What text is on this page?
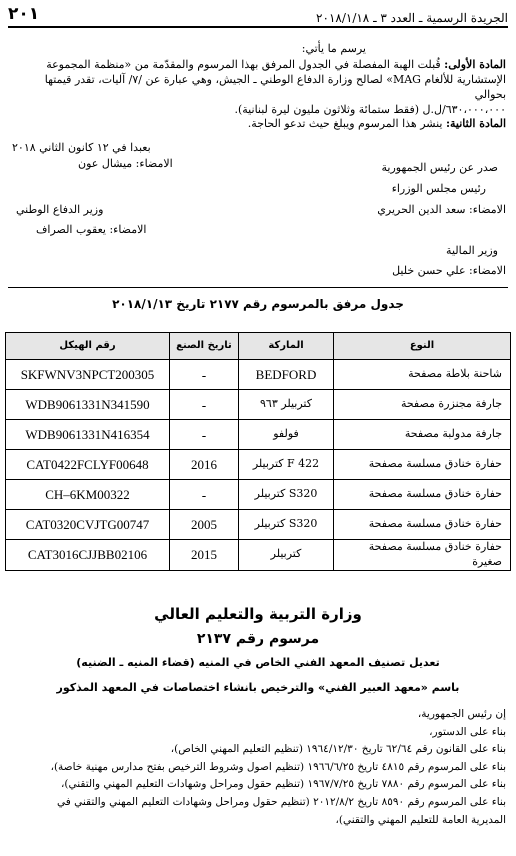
الجريدة الرسمية ـ العدد ٣ ـ ٢٠١٨/١/١٨
٢٠١
يرسم ما يأتي:
المادة الأولى: قُبلت الهبة المفصلة في الجدول المرفق بهذا المرسوم والمقدّمة من «منظمة المجموعة
الإستشارية للألغام MAG» لصالح وزارة الدفاع الوطني ـ الجيش، وهي عبارة عن /٧/ آليات، تقدر قيمتها بحوالي
٦٣٠،٠٠٠،٠٠٠/ل.ل (فقط ستمائة وثلاثون مليون ليرة لبنانية).
المادة الثانية: ينشر هذا المرسوم ويبلغ حيث تدعو الحاجة.
بعبدا في ١٢ كانون الثاني ٢٠١٨
الامضاء: ميشال عون	صدر عن رئيس الجمهورية
رئيس مجلس الوزراء
الامضاء: سعد الدين الحريري
وزير الدفاع الوطني
الامضاء: يعقوب الصراف
وزير المالية
الامضاء: علي حسن خليل
جدول مرفق بالمرسوم رقم ٢١٧٧ تاريخ ٢٠١٨/١/١٣
النوع	الماركة	تاريخ الصنع	رقم الهيكل
شاحنة بلاطة مصفحة	BEDFORD	ـ	SKFWNV3NPCT200305
جارفة مجنزرة مصفحة	كتربيلر ٩٦٣	ـ	WDB9061331N341590
جارفة مدولبة مصفحة	فولفو	ـ	WDB9061331N416354
حفارة خنادق مسلسة مصفحة	F 422 كتربيلر	2016	CAT0422FCLYF00648
حفارة خنادق مسلسة مصفحة	S320 كتربيلر	ـ	CH–6KM00322
حفارة خنادق مسلسة مصفحة	S320 كتربيلر	2005	CAT0320CVJTG00747
حفارة خنادق مسلسة مصفحة صغيرة	كتربيلر	2015	CAT3016CJJBB02106
وزارة التربية والتعليم العالي
مرسوم رقم ٢١٣٧
تعديل تصنيف المعهد الفني الخاص في المنيه (قضاء المنيه ـ الضنيه)
باسم «معهد العبير الفني» والترخيص بانشاء اختصاصات في المعهد المذكور
إن رئيس الجمهورية،
بناء على الدستور،
بناء على القانون رقم ٦٢/٦٤ تاريخ ١٩٦٤/١٢/٣٠ (تنظيم التعليم المهني الخاص)،
بناء على المرسوم رقم ٤٨١٥ تاريخ ١٩٦٦/٦/٢٥ (تنظيم اصول وشروط الترخيص بفتح مدارس مهنية خاصة)،
بناء على المرسوم رقم ٧٨٨٠ تاريخ ١٩٦٧/٧/٢٥ (تنظيم حقول ومراحل وشهادات التعليم المهني والتقني)،
بناء على المرسوم رقم ٨٥٩٠ تاريخ ٢٠١٢/٨/٢ (تنظيم حقول ومراحل وشهادات التعليم المهني والتقني في
المديرية العامة للتعليم المهني والتقني)،
